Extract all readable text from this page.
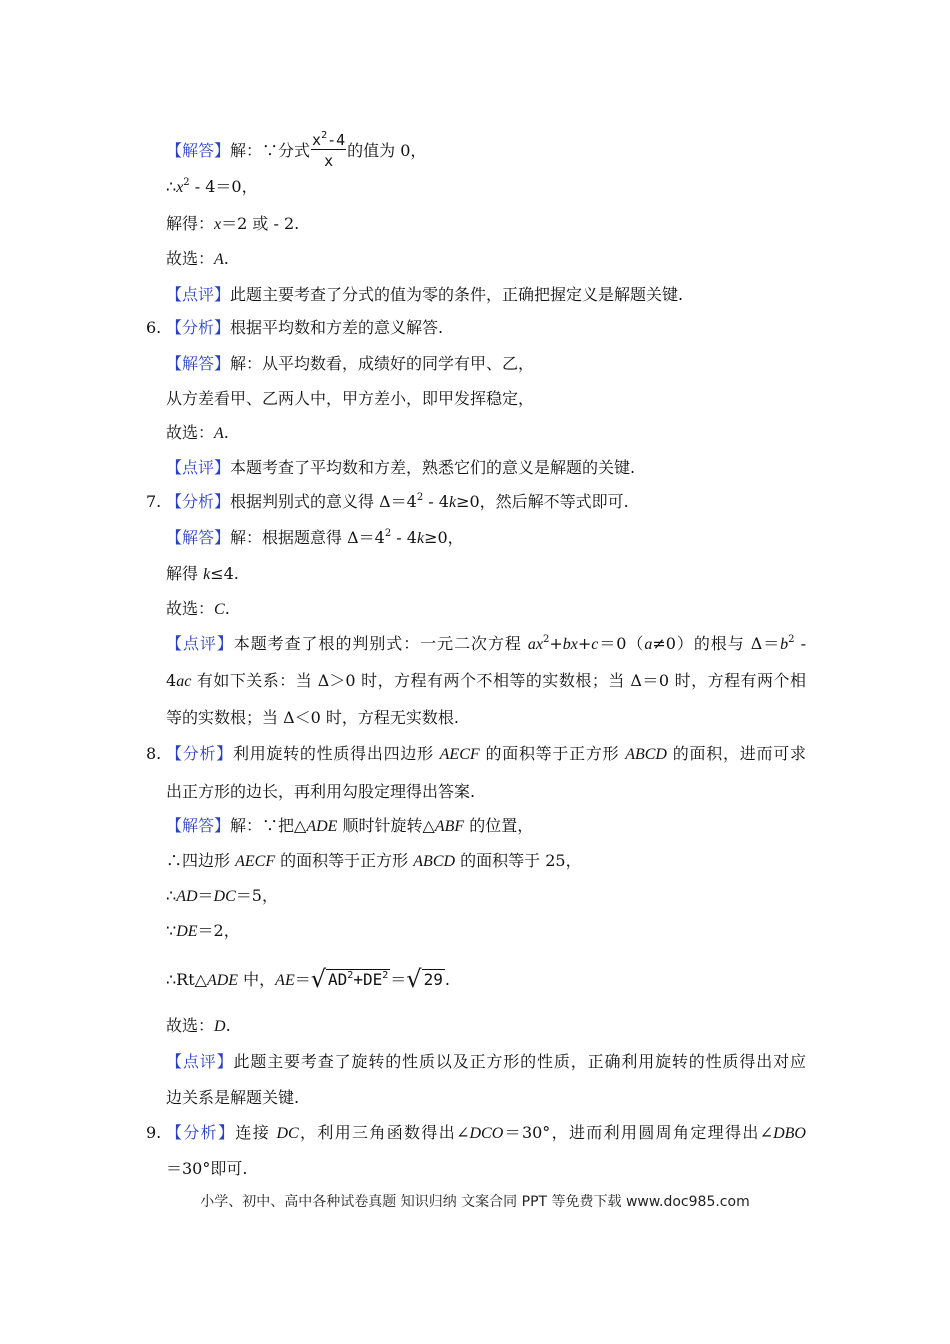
【解答】解：∵分式 $\frac{x^2-4}{x}$ 的值为 0，
$\therefore x^2 - 4=0$，
解得：x＝2 或 - 2.
故选：A.
【点评】此题主要考查了分式的值为零的条件，正确把握定义是解题关键.
6. 【分析】根据平均数和方差的意义解答.
【解答】解：从平均数看，成绩好的同学有甲、乙，
从方差看甲、乙两人中，甲方差小，即甲发挥稳定，
故选：A.
【点评】本题考查了平均数和方差，熟悉它们的意义是解题的关键.
7. 【分析】根据判别式的意义得 $\Delta=4^2 - 4k\ge 0$，然后解不等式即可.
【解答】解：根据题意得 $\Delta=4^2 - 4k\ge 0$，
解得 k≤4.
故选：C.
【点评】本题考查了根的判别式：一元二次方程 $ax^2+bx+c=0(a\ne 0)$的根与 $\Delta=b^2$ -
4ac 有如下关系：当 Δ＞0 时，方程有两个不相等的实数根；当 Δ＝0 时，方程有两个相
等的实数根；当 Δ＜0 时，方程无实数根.
8. 【分析】利用旋转的性质得出四边形 AECF 的面积等于正方形 ABCD 的面积，进而可求
出正方形的边长，再利用勾股定理得出答案.
【解答】解：∵把△ADE 顺时针旋转△ABF 的位置，
∴四边形 AECF 的面积等于正方形 ABCD 的面积等于 25，
∴AD＝DC＝5，
∵DE＝2，
∴Rt△ADE 中，AE＝√ $AD^2+DE^2$ ＝√ 29 .
故选：D.
【点评】此题主要考查了旋转的性质以及正方形的性质，正确利用旋转的性质得出对应
边关系是解题关键.
9. 【分析】连接 DC，利用三角函数得出∠DCO＝30°，进而利用圆周角定理得出∠DBO
＝30°即可.
小学、初中、高中各种试卷真题 知识归纳 文案合同 PPT 等免费下载 www.doc985.com
